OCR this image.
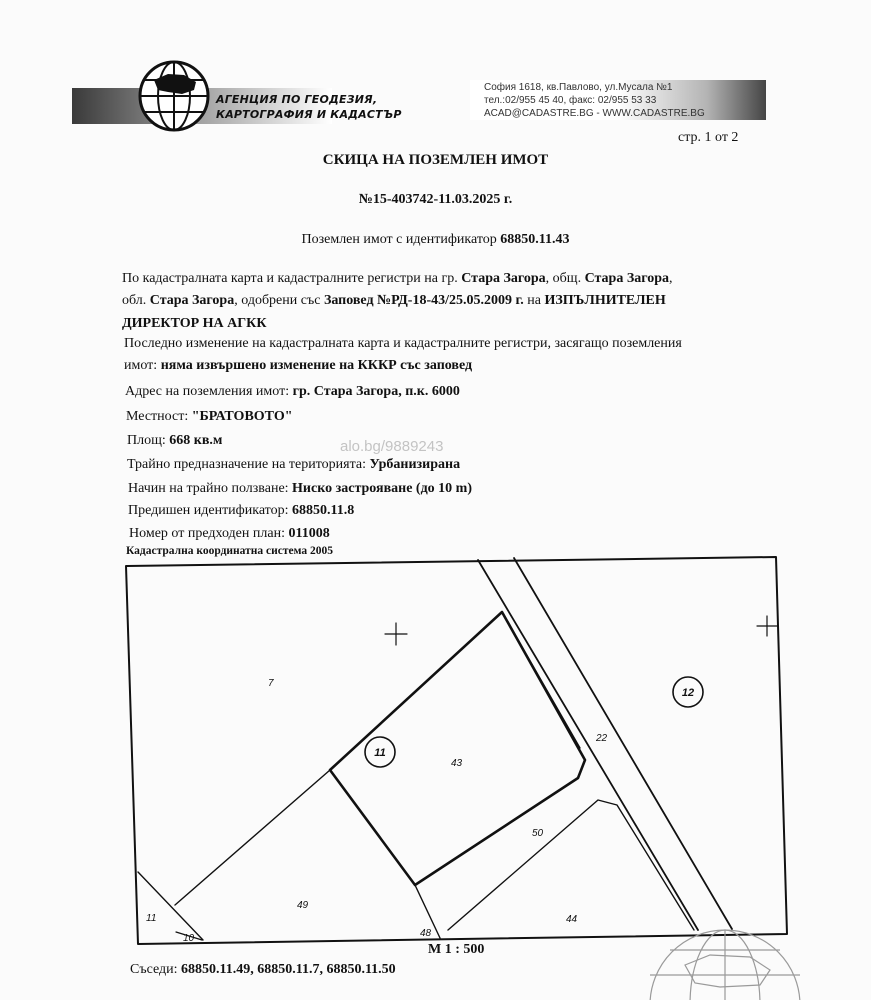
АГЕНЦИЯ ПО ГЕОДЕЗИЯ,
КАРТОГРАФИЯ И КАДАСТЪР
София 1618, кв.Павлово, ул.Мусала №1
тел.:02/955 45 40, факс: 02/955 53 33
ACAD@CADASTRE.BG - WWW.CADASTRE.BG
стр. 1 от 2
СКИЦА НА ПОЗЕМЛЕН ИМОТ
№15-403742-11.03.2025 г.
Поземлен имот с идентификатор 68850.11.43
По кадастралната карта и кадастралните регистри на гр. Стара Загора, общ. Стара Загора,
обл. Стара Загора, одобрени със Заповед №РД-18-43/25.05.2009 г. на ИЗПЪЛНИТЕЛЕН
ДИРЕКТОР НА АГКК
Последно изменение на кадастралната карта и кадастралните регистри, засягащо поземления
имот: няма извършено изменение на КККР със заповед
Адрес на поземления имот: гр. Стара Загора, п.к. 6000
Местност: "БРАТОВОТО"
Площ: 668 кв.м
Трайно предназначение на територията: Урбанизирана
Начин на трайно ползване: Ниско застрояване (до 10 m)
Предишен идентификатор: 68850.11.8
Номер от предходен план: 011008
alo.bg/9889243
Кадастрална координатна система 2005
7
43
22
50
49
11
10	48
44
11
12
М 1 : 500
Съседи: 68850.11.49, 68850.11.7, 68850.11.50
